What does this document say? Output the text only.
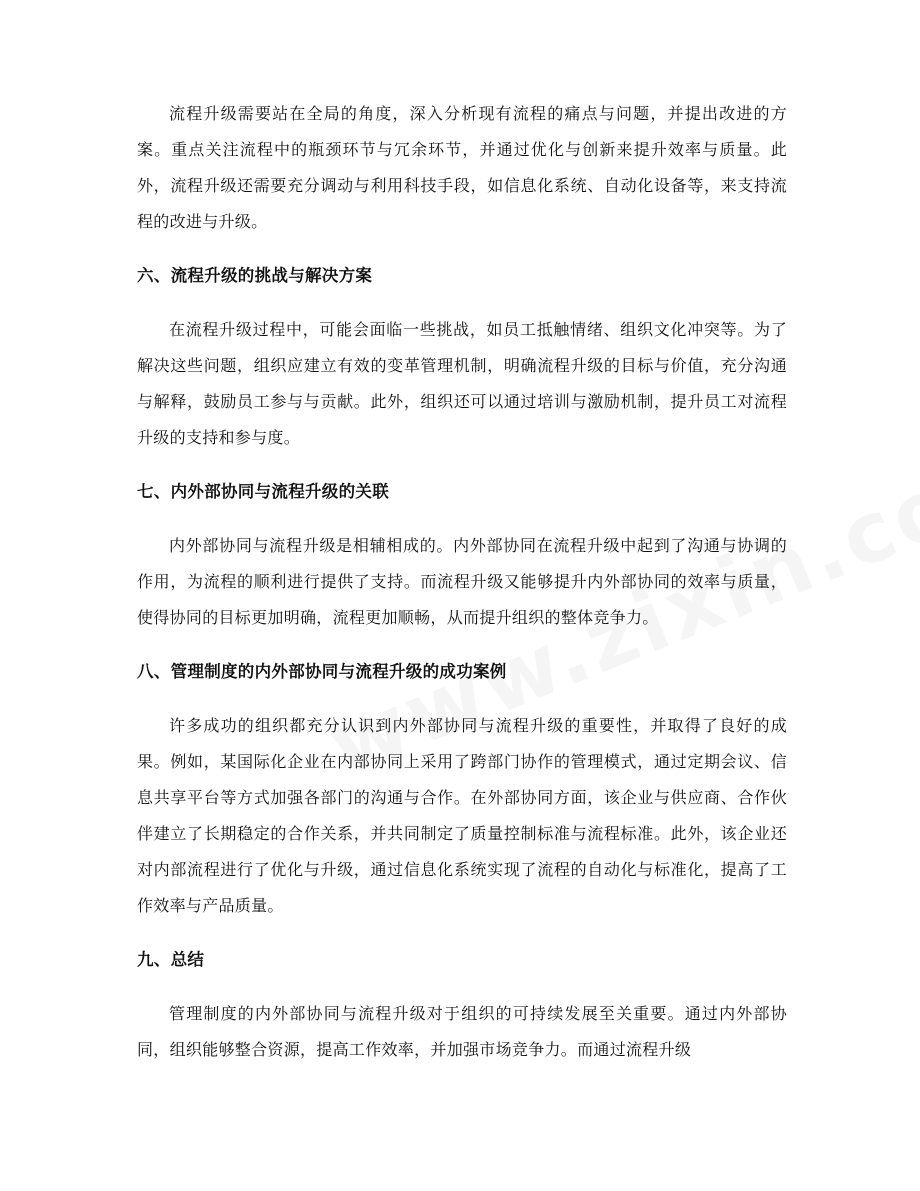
流程升级需要站在全局的角度，深入分析现有流程的痛点与问题，并提出改进的方案。重点关注流程中的瓶颈环节与冗余环节，并通过优化与创新来提升效率与质量。此外，流程升级还需要充分调动与利用科技手段，如信息化系统、自动化设备等，来支持流程的改进与升级。

六、流程升级的挑战与解决方案

在流程升级过程中，可能会面临一些挑战，如员工抵触情绪、组织文化冲突等。为了解决这些问题，组织应建立有效的变革管理机制，明确流程升级的目标与价值，充分沟通与解释，鼓励员工参与与贡献。此外，组织还可以通过培训与激励机制，提升员工对流程升级的支持和参与度。

七、内外部协同与流程升级的关联

内外部协同与流程升级是相辅相成的。内外部协同在流程升级中起到了沟通与协调的作用，为流程的顺利进行提供了支持。而流程升级又能够提升内外部协同的效率与质量，使得协同的目标更加明确，流程更加顺畅，从而提升组织的整体竞争力。

八、管理制度的内外部协同与流程升级的成功案例

许多成功的组织都充分认识到内外部协同与流程升级的重要性，并取得了良好的成果。例如，某国际化企业在内部协同上采用了跨部门协作的管理模式，通过定期会议、信息共享平台等方式加强各部门的沟通与合作。在外部协同方面，该企业与供应商、合作伙伴建立了长期稳定的合作关系，并共同制定了质量控制标准与流程标准。此外，该企业还对内部流程进行了优化与升级，通过信息化系统实现了流程的自动化与标准化，提高了工作效率与产品质量。

九、总结

管理制度的内外部协同与流程升级对于组织的可持续发展至关重要。通过内外部协同，组织能够整合资源，提高工作效率，并加强市场竞争力。而通过流程升级
